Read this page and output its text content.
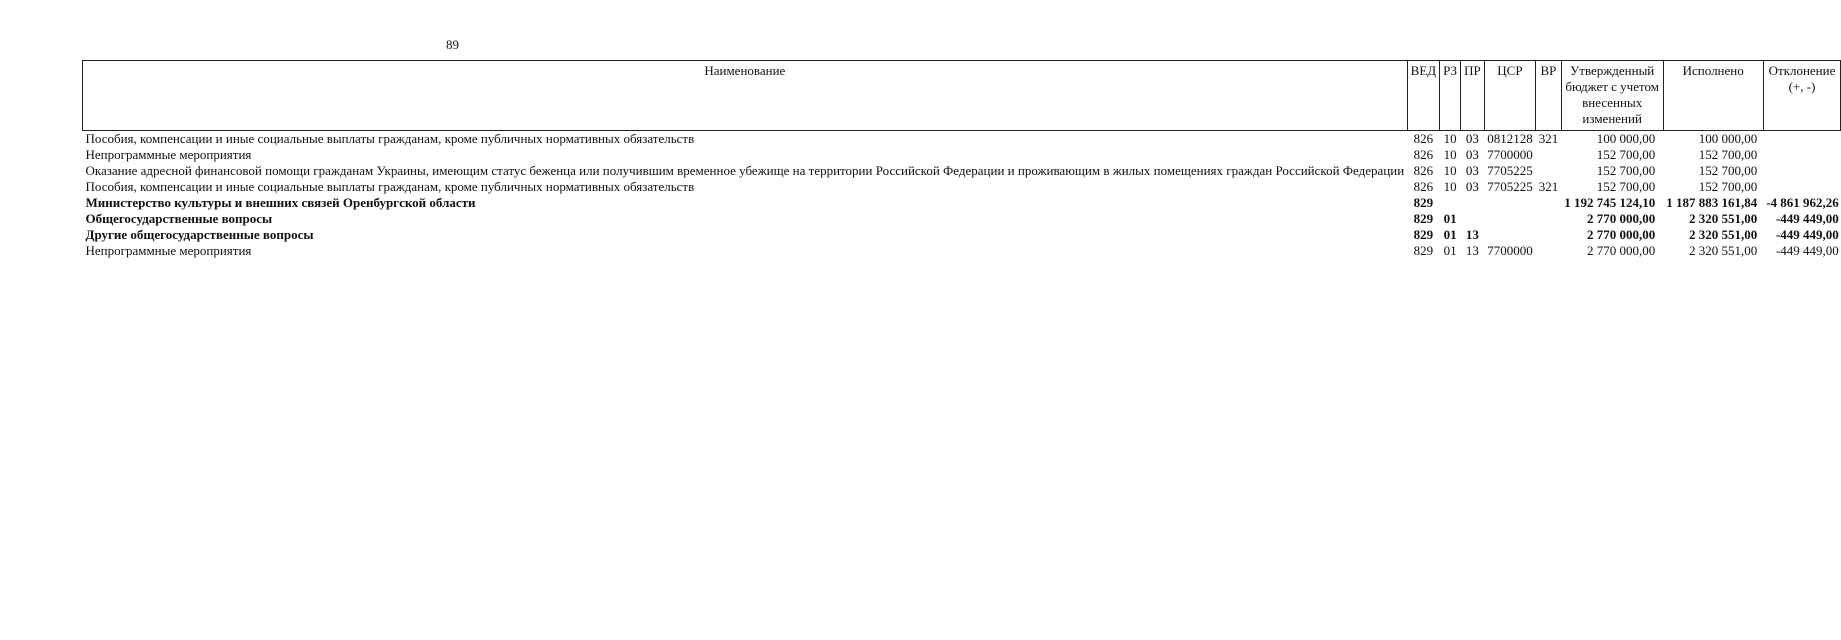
89
Наименование	ВЕД	РЗ	ПР	ЦСР	ВР	Утвержденный бюджет с учетом внесенных изменений	Исполнено	Отклонение (+, -)
Пособия, компенсации и иные социальные выплаты гражданам, кроме публичных нормативных обязательств	826	10	03	0812128	321	100 000,00	100 000,00	
Непрограммные мероприятия	826	10	03	7700000		152 700,00	152 700,00	
Оказание адресной финансовой помощи гражданам Украины, имеющим статус беженца или получившим временное убежище на территории Российской Федерации и проживающим в жилых помещениях граждан Российской Федерации	826	10	03	7705225		152 700,00	152 700,00	
Пособия, компенсации и иные социальные выплаты гражданам, кроме публичных нормативных обязательств	826	10	03	7705225	321	152 700,00	152 700,00	
Министерство культуры и внешних связей Оренбургской области	829					1 192 745 124,10	1 187 883 161,84	-4 861 962,26
Общегосударственные вопросы	829	01				2 770 000,00	2 320 551,00	-449 449,00
Другие общегосударственные вопросы	829	01	13			2 770 000,00	2 320 551,00	-449 449,00
Непрограммные мероприятия	829	01	13	7700000		2 770 000,00	2 320 551,00	-449 449,00
